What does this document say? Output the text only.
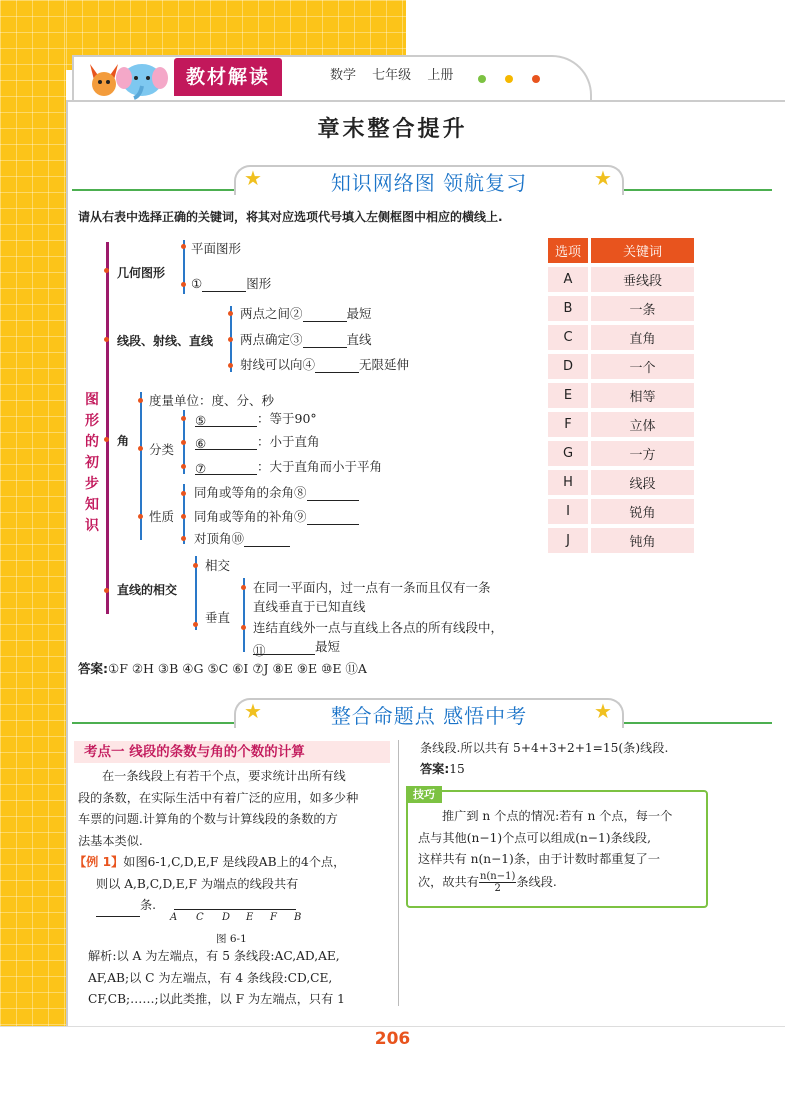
教材解读	数学 七年级 上册

章末整合提升
★	知识网络图 领航复习	★
请从右表中选择正确的关键词，将其对应选项代号填入左侧框图中相应的横线上.
图
形
的
初
步
知
识
几何图形
平面图形
①	图形
线段、射线、直线
两点之间②	最短
两点确定③	直线
射线可以向④	无限延伸
角
度量单位：度、分、秒
分类
⑤	：等于90°
⑥	：小于直角
⑦	：大于直角而小于平角
性质
同角或等角的余角⑧
同角或等角的补角⑨
对顶角⑩
直线的相交
相交
垂直
在同一平面内，过一点有一条而且仅有一条
直线垂直于已知直线
连结直线外一点与直线上各点的所有线段中，
⑪	最短
选项		关键词
A		垂线段
B		一条
C		直角
D		一个
E		相等
F		立体
G		一方
H		线段
I		锐角
J		钝角
答案:①F ②H ③B ④G ⑤C ⑥I ⑦J ⑧E ⑨E ⑩E ⑪A
★	整合命题点 感悟中考	★
考点一 线段的条数与角的个数的计算
在一条线段上有若干个点，要求统计出所有线
段的条数，在实际生活中有着广泛的应用，如多少种
车票的问题.计算角的个数与计算线段的条数的方
法基本类似.
【例 1】如图6-1,C,D,E,F 是线段AB上的4个点，
则以 A,B,C,D,E,F 为端点的线段共有
条.
A C D E F B
图 6-1
解析:以 A 为左端点，有 5 条线段:AC,AD,AE,
AF,AB;以 C 为左端点，有 4 条线段:CD,CE,
CF,CB;……;以此类推，以 F 为左端点，只有 1
条线段.所以共有 5+4+3+2+1=15(条)线段.
答案:15
技巧
推广到 n 个点的情况:若有 n 个点，每一个
点与其他(n−1)个点可以组成(n−1)条线段,
这样共有 n(n−1)条，由于计数时都重复了一
次，故共有 $\frac{n(n-1)}{2}$ 条线段.
206
